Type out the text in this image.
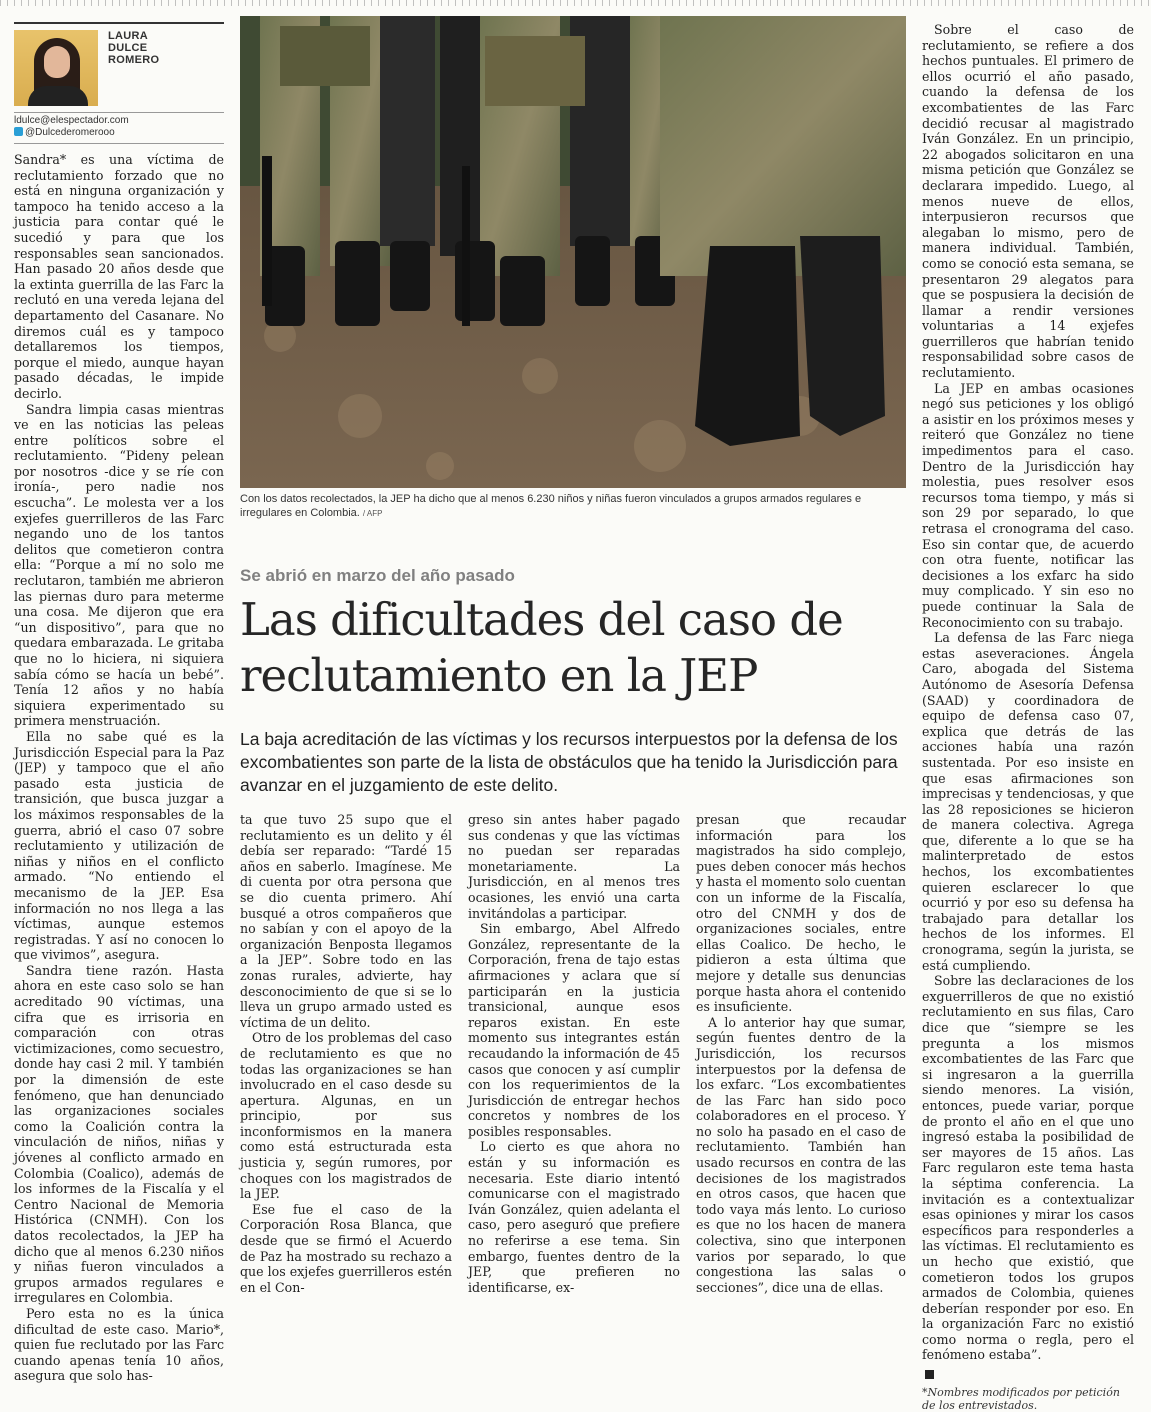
LAURA
DULCE
ROMERO
ldulce@elespectador.com
@Dulcederomerooo

Sandra* es una víctima de reclutamiento forzado que no está en ninguna organización y tampoco ha tenido acceso a la justicia para contar qué le sucedió y para que los responsables sean sancionados. Han pasado 20 años desde que la extinta guerrilla de las Farc la reclutó en una vereda lejana del departamento del Casanare. No diremos cuál es y tampoco detallaremos los tiempos, porque el miedo, aunque hayan pasado décadas, le impide decirlo.

Sandra limpia casas mientras ve en las noticias las peleas entre políticos sobre el reclutamiento. “Pideny pelean por nosotros -dice y se ríe con ironía-, pero nadie nos escucha”. Le molesta ver a los exjefes guerrilleros de las Farc negando uno de los tantos delitos que cometieron contra ella: “Porque a mí no solo me reclutaron, también me abrieron las piernas duro para meterme una cosa. Me dijeron que era “un dispositivo”, para que no quedara embarazada. Le gritaba que no lo hiciera, ni siquiera sabía cómo se hacía un bebé”. Tenía 12 años y no había siquiera experimentado su primera menstruación.

Ella no sabe qué es la Jurisdicción Especial para la Paz (JEP) y tampoco que el año pasado esta justicia de transición, que busca juzgar a los máximos responsables de la guerra, abrió el caso 07 sobre reclutamiento y utilización de niñas y niños en el conflicto armado. “No entiendo el mecanismo de la JEP. Esa información no nos llega a las víctimas, aunque estemos registradas. Y así no conocen lo que vivimos”, asegura.

Sandra tiene razón. Hasta ahora en este caso solo se han acreditado 90 víctimas, una cifra que es irrisoria en comparación con otras victimizaciones, como secuestro, donde hay casi 2 mil. Y también por la dimensión de este fenómeno, que han denunciado las organizaciones sociales como la Coalición contra la vinculación de niños, niñas y jóvenes al conflicto armado en Colombia (Coalico), además de los informes de la Fiscalía y el Centro Nacional de Memoria Histórica (CNMH). Con los datos recolectados, la JEP ha dicho que al menos 6.230 niños y niñas fueron vinculados a grupos armados regulares e irregulares en Colombia.

Pero esta no es la única dificultad de este caso. Mario*, quien fue reclutado por las Farc cuando apenas tenía 10 años, asegura que solo has-

Con los datos recolectados, la JEP ha dicho que al menos 6.230 niños y niñas fueron vinculados a grupos armados regulares e irregulares en Colombia. / AFP
Se abrió en marzo del año pasado
Las dificultades del caso de reclutamiento en la JEP
La baja acreditación de las víctimas y los recursos interpuestos por la defensa de los excombatientes son parte de la lista de obstáculos que ha tenido la Jurisdicción para avanzar en el juzgamiento de este delito.

ta que tuvo 25 supo que el reclutamiento es un delito y él debía ser reparado: “Tardé 15 años en saberlo. Imagínese. Me di cuenta por otra persona que se dio cuenta primero. Ahí busqué a otros compañeros que no sabían y con el apoyo de la organización Benposta llegamos a la JEP”. Sobre todo en las zonas rurales, advierte, hay desconocimiento de que si se lo lleva un grupo armado usted es víctima de un delito.

Otro de los problemas del caso de reclutamiento es que no todas las organizaciones se han involucrado en el caso desde su apertura. Algunas, en un principio, por sus inconformismos en la manera como está estructurada esta justicia y, según rumores, por choques con los magistrados de la JEP.

Ese fue el caso de la Corporación Rosa Blanca, que desde que se firmó el Acuerdo de Paz ha mostrado su rechazo a que los exjefes guerrilleros estén en el Con-

greso sin antes haber pagado sus condenas y que las víctimas no puedan ser reparadas monetariamente. La Jurisdicción, en al menos tres ocasiones, les envió una carta invitándolas a participar.

Sin embargo, Abel Alfredo González, representante de la Corporación, frena de tajo estas afirmaciones y aclara que sí participarán en la justicia transicional, aunque esos reparos existan. En este momento sus integrantes están recaudando la información de 45 casos que conocen y así cumplir con los requerimientos de la Jurisdicción de entregar hechos concretos y nombres de los posibles responsables.

Lo cierto es que ahora no están y su información es necesaria. Este diario intentó comunicarse con el magistrado Iván González, quien adelanta el caso, pero aseguró que prefiere no referirse a ese tema. Sin embargo, fuentes dentro de la JEP, que prefieren no identificarse, ex-

presan que recaudar información para los magistrados ha sido complejo, pues deben conocer más hechos y hasta el momento solo cuentan con un informe de la Fiscalía, otro del CNMH y dos de organizaciones sociales, entre ellas Coalico. De hecho, le pidieron a esta última que mejore y detalle sus denuncias porque hasta ahora el contenido es insuficiente.

A lo anterior hay que sumar, según fuentes dentro de la Jurisdicción, los recursos interpuestos por la defensa de los exfarc. “Los excombatientes de las Farc han sido poco colaboradores en el proceso. Y no solo ha pasado en el caso de reclutamiento. También han usado recursos en contra de las decisiones de los magistrados en otros casos, que hacen que todo vaya más lento. Lo curioso es que no los hacen de manera colectiva, sino que interponen varios por separado, lo que congestiona las salas o secciones”, dice una de ellas.

Sobre el caso de reclutamiento, se refiere a dos hechos puntuales. El primero de ellos ocurrió el año pasado, cuando la defensa de los excombatientes de las Farc decidió recusar al magistrado Iván González. En un principio, 22 abogados solicitaron en una misma petición que González se declarara impedido. Luego, al menos nueve de ellos, interpusieron recursos que alegaban lo mismo, pero de manera individual. También, como se conoció esta semana, se presentaron 29 alegatos para que se pospusiera la decisión de llamar a rendir versiones voluntarias a 14 exjefes guerrilleros que habrían tenido responsabilidad sobre casos de reclutamiento.

La JEP en ambas ocasiones negó sus peticiones y los obligó a asistir en los próximos meses y reiteró que González no tiene impedimentos para el caso. Dentro de la Jurisdicción hay molestia, pues resolver esos recursos toma tiempo, y más si son 29 por separado, lo que retrasa el cronograma del caso. Eso sin contar que, de acuerdo con otra fuente, notificar las decisiones a los exfarc ha sido muy complicado. Y sin eso no puede continuar la Sala de Reconocimiento con su trabajo.

La defensa de las Farc niega estas aseveraciones. Ángela Caro, abogada del Sistema Autónomo de Asesoría Defensa (SAAD) y coordinadora de equipo de defensa caso 07, explica que detrás de las acciones había una razón sustentada. Por eso insiste en que esas afirmaciones son imprecisas y tendenciosas, y que las 28 reposiciones se hicieron de manera colectiva. Agrega que, diferente a lo que se ha malinterpretado de estos hechos, los excombatientes quieren esclarecer lo que ocurrió y por eso su defensa ha trabajado para detallar los hechos de los informes. El cronograma, según la jurista, se está cumpliendo.

Sobre las declaraciones de los exguerrilleros de que no existió reclutamiento en sus filas, Caro dice que “siempre se les pregunta a los mismos excombatientes de las Farc que si ingresaron a la guerrilla siendo menores. La visión, entonces, puede variar, porque de pronto el año en el que uno ingresó estaba la posibilidad de ser mayores de 15 años. Las Farc regularon este tema hasta la séptima conferencia. La invitación es a contextualizar esas opiniones y mirar los casos específicos para responderles a las víctimas. El reclutamiento es un hecho que existió, que cometieron todos los grupos armados de Colombia, quienes deberían responder por eso. En la organización Farc no existió como norma o regla, pero el fenómeno estaba”.

*Nombres modificados por petición de los entrevistados.
